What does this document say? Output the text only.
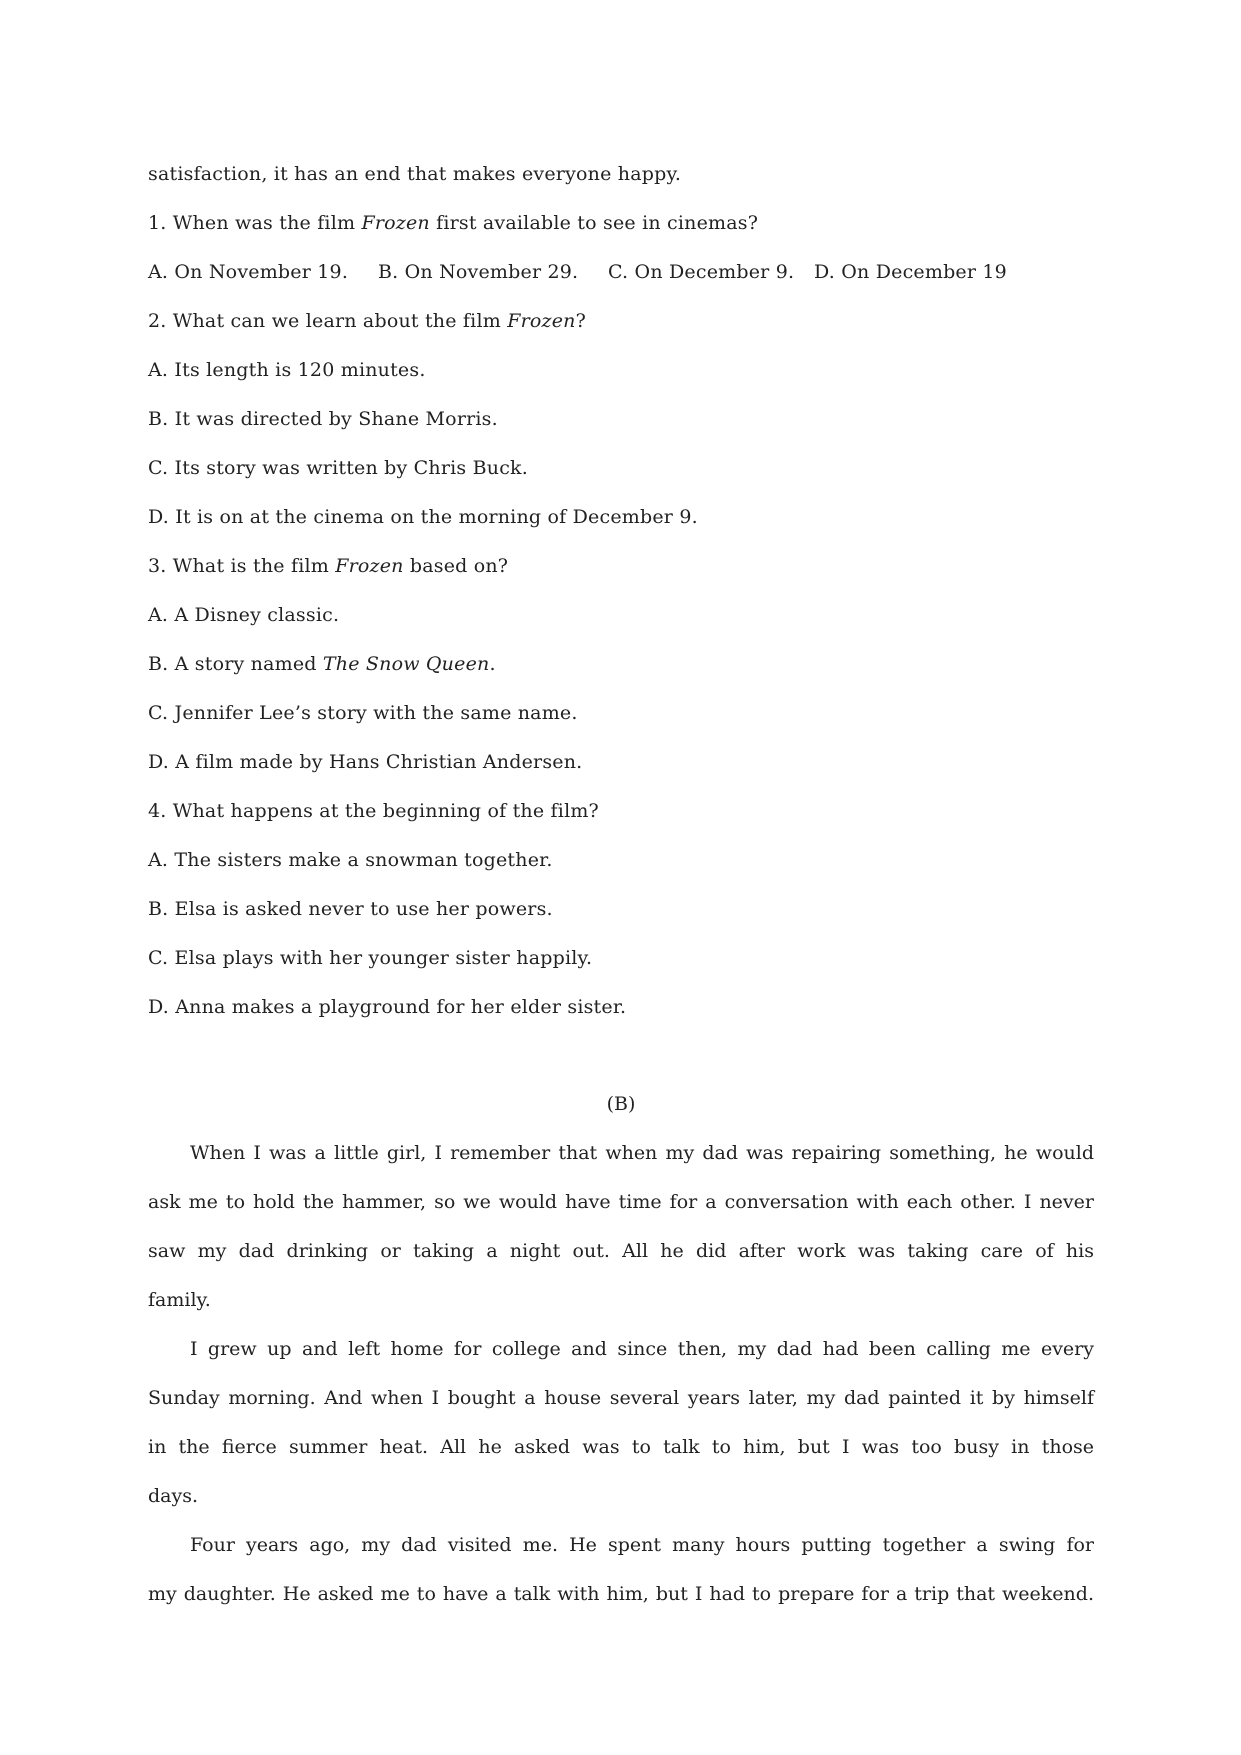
satisfaction, it has an end that makes everyone happy.
1. When was the film Frozen first available to see in cinemas?
A. On November 19. B. On November 29. C. On December 9. D. On December 19
2. What can we learn about the film Frozen?
A. Its length is 120 minutes.
B. It was directed by Shane Morris.
C. Its story was written by Chris Buck.
D. It is on at the cinema on the morning of December 9.
3. What is the film Frozen based on?
A. A Disney classic.
B. A story named The Snow Queen.
C. Jennifer Lee’s story with the same name.
D. A film made by Hans Christian Andersen.
4. What happens at the beginning of the film?
A. The sisters make a snowman together.
B. Elsa is asked never to use her powers.
C. Elsa plays with her younger sister happily.
D. Anna makes a playground for her elder sister.
(B)
When I was a little girl, I remember that when my dad was repairing something, he would
ask me to hold the hammer, so we would have time for a conversation with each other. I never
saw my dad drinking or taking a night out. All he did after work was taking care of his
family.
I grew up and left home for college and since then, my dad had been calling me every
Sunday morning. And when I bought a house several years later, my dad painted it by himself
in the fierce summer heat. All he asked was to talk to him, but I was too busy in those
days.
Four years ago, my dad visited me. He spent many hours putting together a swing for
my daughter. He asked me to have a talk with him, but I had to prepare for a trip that weekend.
